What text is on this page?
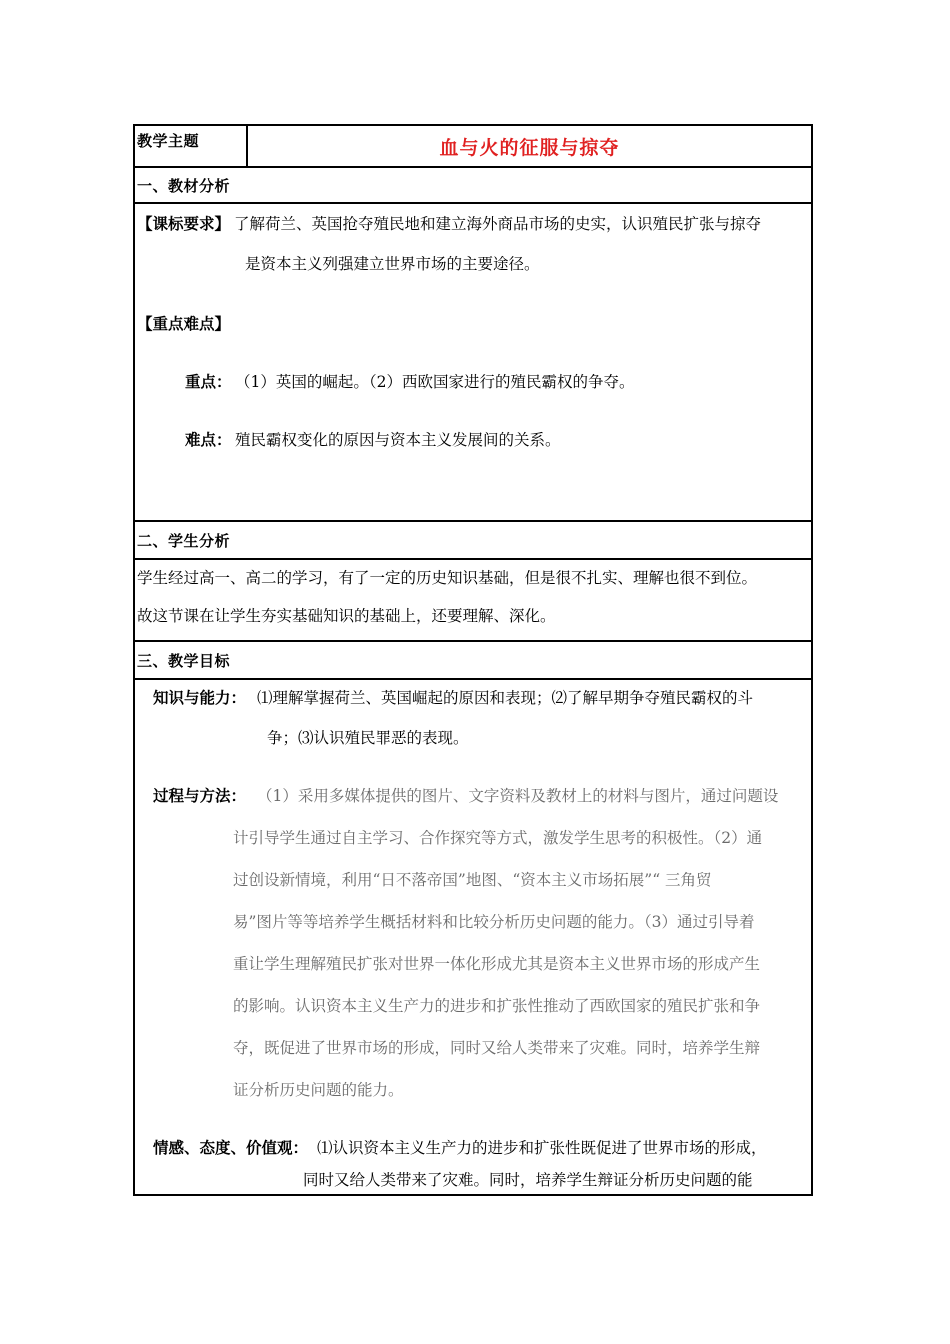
教学主题	血与火的征服与掠夺
一、教材分析
【课标要求】 了解荷兰、英国抢夺殖民地和建立海外商品市场的史实，认识殖民扩张与掠夺
是资本主义列强建立世界市场的主要途径。
【重点难点】
重点： （1）英国的崛起。（2）西欧国家进行的殖民霸权的争夺。
难点： 殖民霸权变化的原因与资本主义发展间的关系。
二、学生分析
学生经过高一、高二的学习，有了一定的历史知识基础，但是很不扎实、理解也很不到位。
故这节课在让学生夯实基础知识的基础上，还要理解、深化。
三、教学目标
知识与能力： ⑴理解掌握荷兰、英国崛起的原因和表现；⑵了解早期争夺殖民霸权的斗
争；⑶认识殖民罪恶的表现。
过程与方法： （1）采用多媒体提供的图片、文字资料及教材上的材料与图片，通过问题设
计引导学生通过自主学习、合作探究等方式，激发学生思考的积极性。（2）通
过创设新情境，利用“日不落帝国”地图、“资本主义市场拓展”“ 三角贸
易”图片等等培养学生概括材料和比较分析历史问题的能力。（3）通过引导着
重让学生理解殖民扩张对世界一体化形成尤其是资本主义世界市场的形成产生
的影响。认识资本主义生产力的进步和扩张性推动了西欧国家的殖民扩张和争
夺，既促进了世界市场的形成，同时又给人类带来了灾难。同时，培养学生辩
证分析历史问题的能力。
情感、态度、价值观： ⑴认识资本主义生产力的进步和扩张性既促进了世界市场的形成，
同时又给人类带来了灾难。同时，培养学生辩证分析历史问题的能
